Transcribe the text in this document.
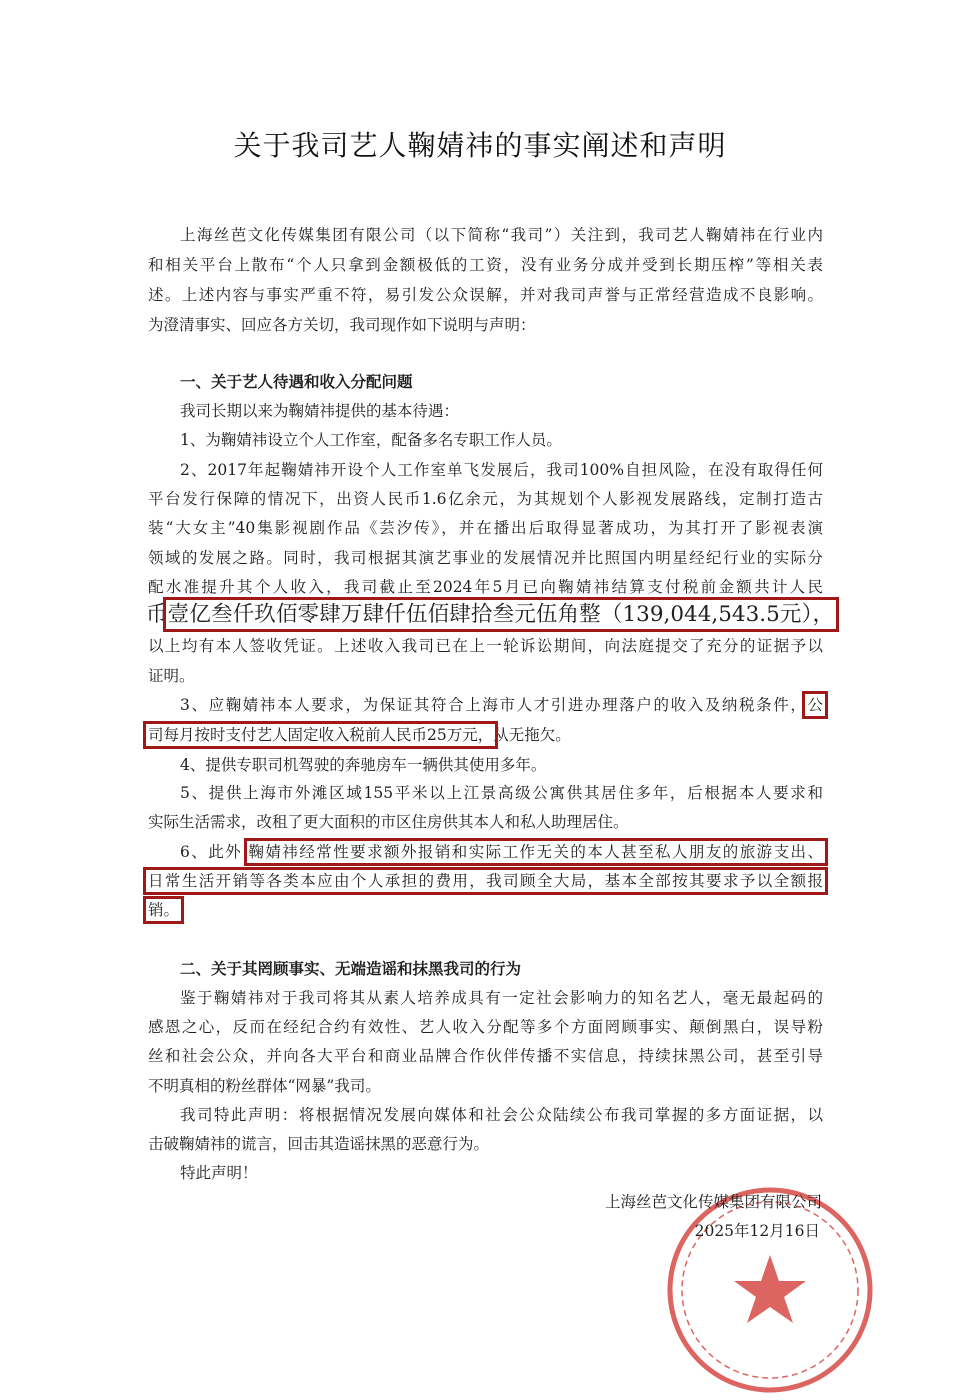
关于我司艺人鞠婧祎的事实阐述和声明
上海丝芭文化传媒集团有限公司（以下简称“我司”）关注到，我司艺人鞠婧祎在行业内
和相关平台上散布“个人只拿到金额极低的工资，没有业务分成并受到长期压榨”等相关表
述。上述内容与事实严重不符，易引发公众误解，并对我司声誉与正常经营造成不良影响。
为澄清事实、回应各方关切，我司现作如下说明与声明：
一、关于艺人待遇和收入分配问题
我司长期以来为鞠婧祎提供的基本待遇：
1、为鞠婧祎设立个人工作室，配备多名专职工作人员。
2、2017年起鞠婧祎开设个人工作室单飞发展后，我司100%自担风险，在没有取得任何
平台发行保障的情况下，出资人民币1.6亿余元，为其规划个人影视发展路线，定制打造古
装“大女主”40集影视剧作品《芸汐传》，并在播出后取得显著成功，为其打开了影视表演
领域的发展之路。同时，我司根据其演艺事业的发展情况并比照国内明星经纪行业的实际分
配水准提升其个人收入，我司截止至2024年5月已向鞠婧祎结算支付税前金额共计人民
币壹亿叁仟玖佰零肆万肆仟伍佰肆拾叁元伍角整（139,044,543.5元），
以上均有本人签收凭证。上述收入我司已在上一轮诉讼期间，向法庭提交了充分的证据予以
证明。
3、应鞠婧祎本人要求，为保证其符合上海市人才引进办理落户的收入及纳税条件，公
司每月按时支付艺人固定收入税前人民币25万元，从无拖欠。
4、提供专职司机驾驶的奔驰房车一辆供其使用多年。
5、提供上海市外滩区域155平米以上江景高级公寓供其居住多年，后根据本人要求和
实际生活需求，改租了更大面积的市区住房供其本人和私人助理居住。
6、此外 鞠婧祎经常性要求额外报销和实际工作无关的本人甚至私人朋友的旅游支出、
日常生活开销等各类本应由个人承担的费用，我司顾全大局，基本全部按其要求予以全额报
销。
二、关于其罔顾事实、无端造谣和抹黑我司的行为
鉴于鞠婧祎对于我司将其从素人培养成具有一定社会影响力的知名艺人，毫无最起码的
感恩之心，反而在经纪合约有效性、艺人收入分配等多个方面罔顾事实、颠倒黑白，误导粉
丝和社会公众，并向各大平台和商业品牌合作伙伴传播不实信息，持续抹黑公司，甚至引导
不明真相的粉丝群体“网暴”我司。
我司特此声明：将根据情况发展向媒体和社会公众陆续公布我司掌握的多方面证据，以
击破鞠婧祎的谎言，回击其造谣抹黑的恶意行为。
特此声明！
上海丝芭文化传媒集团有限公司
2025年12月16日
